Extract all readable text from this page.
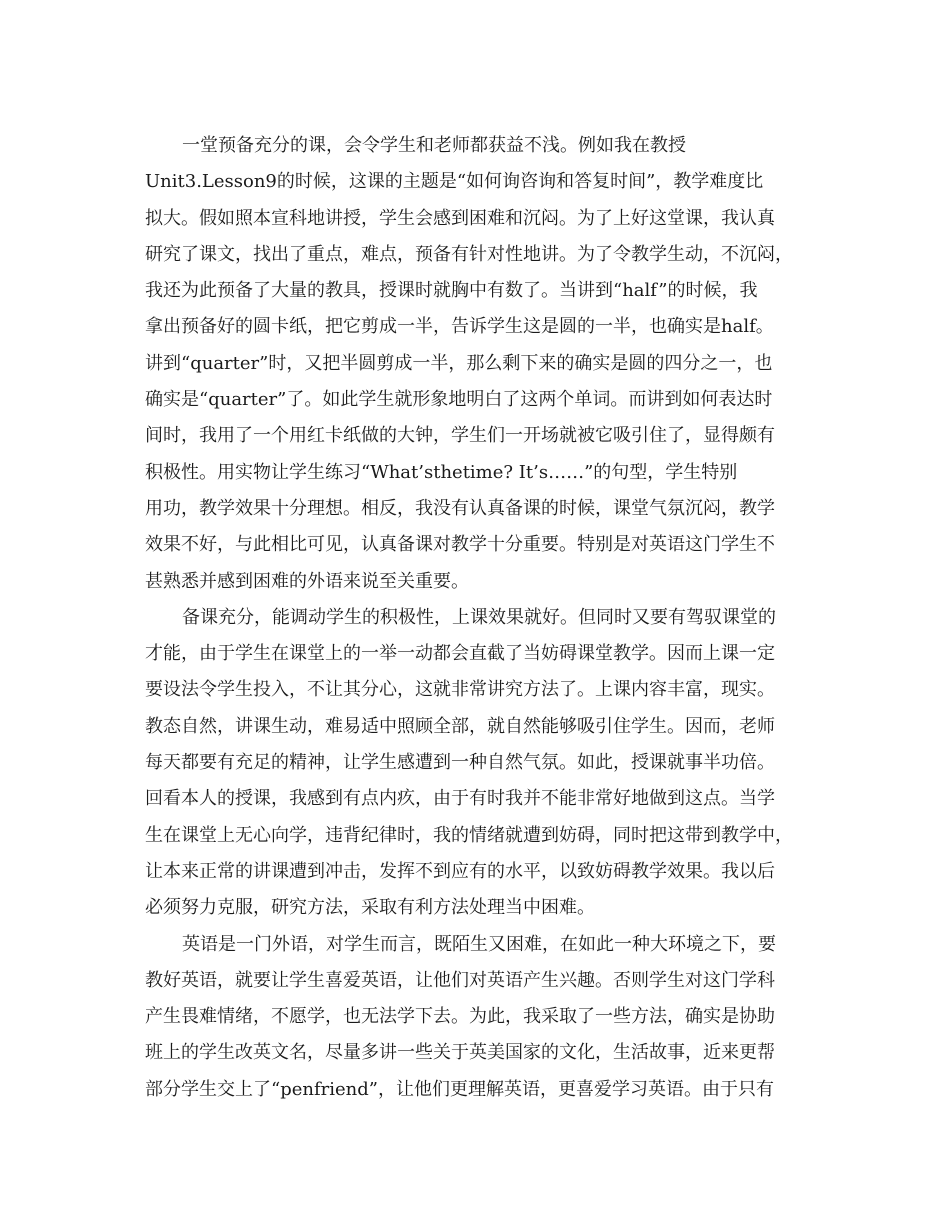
一堂预备充分的课，会令学生和老师都获益不浅。例如我在教授
Unit3.Lesson9的时候，这课的主题是“如何询咨询和答复时间”，教学难度比
拟大。假如照本宣科地讲授，学生会感到困难和沉闷。为了上好这堂课，我认真
研究了课文，找出了重点，难点，预备有针对性地讲。为了令教学生动，不沉闷，
我还为此预备了大量的教具，授课时就胸中有数了。当讲到“half”的时候，我
拿出预备好的圆卡纸，把它剪成一半，告诉学生这是圆的一半，也确实是half。
讲到“quarter”时，又把半圆剪成一半，那么剩下来的确实是圆的四分之一，也
确实是“quarter”了。如此学生就形象地明白了这两个单词。而讲到如何表达时
间时，我用了一个用红卡纸做的大钟，学生们一开场就被它吸引住了，显得颇有
积极性。用实物让学生练习“What’sthetime? It’s……”的句型，学生特别
用功，教学效果十分理想。相反，我没有认真备课的时候，课堂气氛沉闷，教学
效果不好，与此相比可见，认真备课对教学十分重要。特别是对英语这门学生不
甚熟悉并感到困难的外语来说至关重要。
备课充分，能调动学生的积极性，上课效果就好。但同时又要有驾驭课堂的
才能，由于学生在课堂上的一举一动都会直截了当妨碍课堂教学。因而上课一定
要设法令学生投入，不让其分心，这就非常讲究方法了。上课内容丰富，现实。
教态自然，讲课生动，难易适中照顾全部，就自然能够吸引住学生。因而，老师
每天都要有充足的精神，让学生感遭到一种自然气氛。如此，授课就事半功倍。
回看本人的授课，我感到有点内疚，由于有时我并不能非常好地做到这点。当学
生在课堂上无心向学，违背纪律时，我的情绪就遭到妨碍，同时把这带到教学中，
让本来正常的讲课遭到冲击，发挥不到应有的水平，以致妨碍教学效果。我以后
必须努力克服，研究方法，采取有利方法处理当中困难。
英语是一门外语，对学生而言，既陌生又困难，在如此一种大环境之下，要
教好英语，就要让学生喜爱英语，让他们对英语产生兴趣。否则学生对这门学科
产生畏难情绪，不愿学，也无法学下去。为此，我采取了一些方法，确实是协助
班上的学生改英文名，尽量多讲一些关于英美国家的文化，生活故事，近来更帮
部分学生交上了“penfriend”，让他们更理解英语，更喜爱学习英语。由于只有
